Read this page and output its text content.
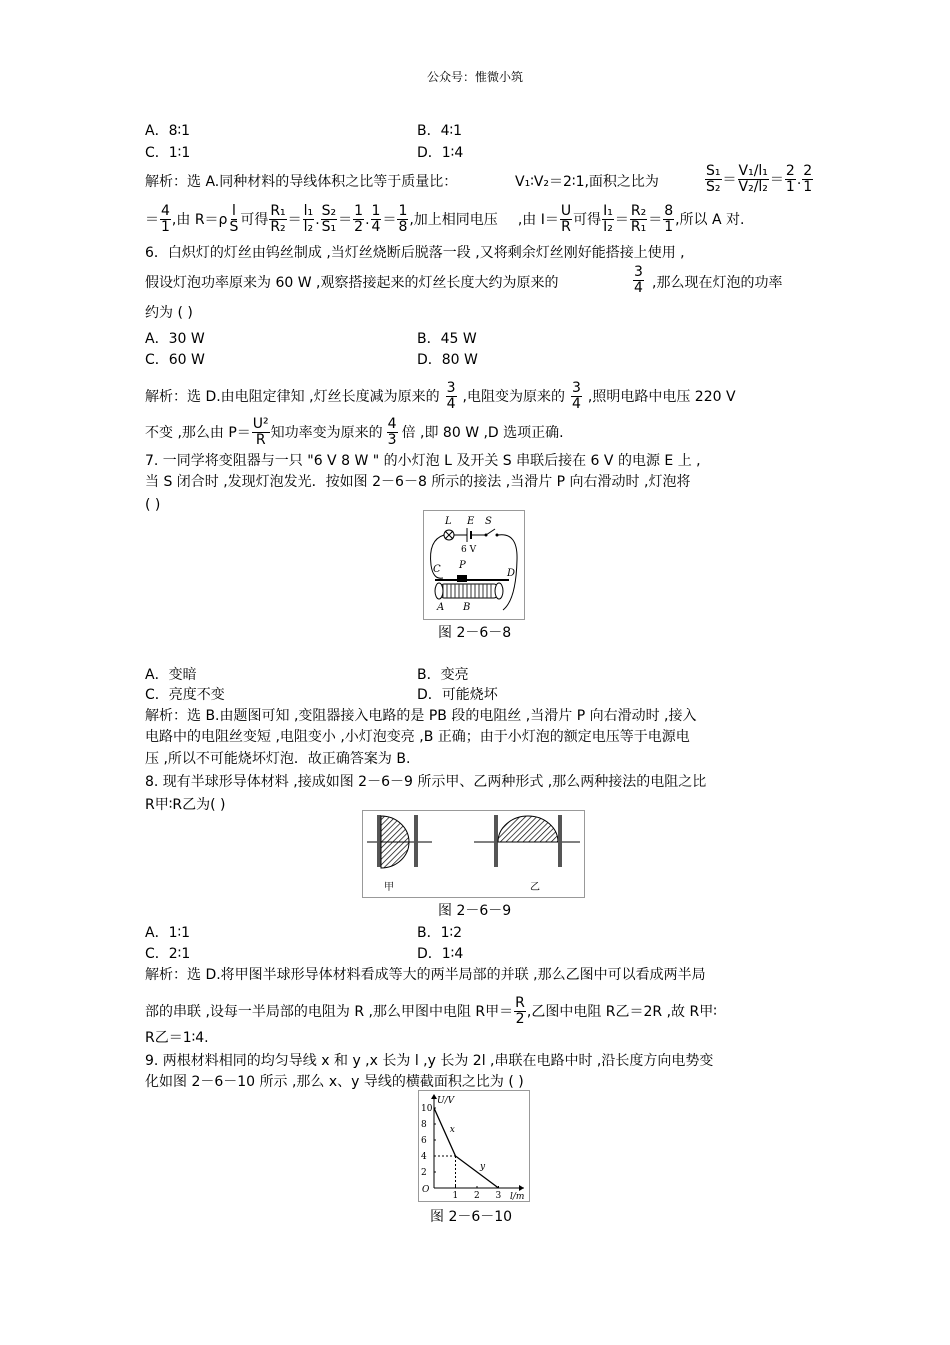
公众号：惟微小筑
A．8∶1	B．4∶1
C．1∶1	D．1∶4
解析：选 A.同种材料的导线体积之比等于质量比：	V₁∶V₂＝2∶1,面积之比为	$\frac{\text{S₁}}{\text{S₂}} = \frac{\text{V₁/l₁}}{\text{V₂/l₂}} = \frac{2}{1}$ . $\frac{2}{1}$
＝ $\frac{4}{1}$ ,由 $R=\rho \frac{l}{S}$ 可得 $\frac{\text{R₁}}{\text{R₂}} = \frac{\text{l₁}}{\text{l₂}}$ . $\frac{\text{S₂}}{\text{S₁}} = \frac{1}{2}$ . $\frac{1}{4} = \frac{1}{8}$ ,加上相同电压 ,由 $I= \frac{U}{R}$ 可得 $\frac{\text{I₁}}{\text{I₂}} = \frac{\text{R₂}}{\text{R₁}} = \frac{8}{1}$ ,所以 A 对.
6．白炽灯的灯丝由钨丝制成 ,当灯丝烧断后脱落一段 ,又将剩余灯丝刚好能搭接上使用 ,
假设灯泡功率原来为 60 W ,观察搭接起来的灯丝长度大约为原来的	$\frac{3}{4}$ ,那么现在灯泡的功率
约为 ( )
A．30 W	B．45 W
C．60 W	D．80 W
解析：选 D.由电阻定律知 ,灯丝长度减为原来的 $\frac{3}{4}$ ,电阻变为原来的 $\frac{3}{4}$ ,照明电路中电压 220 V
不变 ,那么由 $P= \frac{\text{U²}}{R}$ 知功率变为原来的 $\frac{4}{3}$ 倍 ,即 80 W ,D 选项正确.
7. 一同学将变阻器与一只 "6 V 8 W " 的小灯泡 L 及开关 S 串联后接在 6 V 的电源 E 上 ,
当 S 闭合时 ,发现灯泡发光．按如图 2－6－8 所示的接法 ,当滑片 P 向右滑动时 ,灯泡将
( )
L E S
6 V
C P
D
A B
图 2－6－8
A．变暗	B．变亮
C．亮度不变	D．可能烧坏
解析：选 B.由题图可知 ,变阻器接入电路的是 PB 段的电阻丝 ,当滑片 P 向右滑动时 ,接入
电路中的电阻丝变短 ,电阻变小 ,小灯泡变亮 ,B 正确；由于小灯泡的额定电压等于电源电
压 ,所以不可能烧坏灯泡．故正确答案为 B.
8. 现有半球形导体材料 ,接成如图 2－6－9 所示甲、乙两种形式 ,那么两种接法的电阻之比
R甲∶R乙为( )
甲	乙
图 2－6－9
A．1∶1	B．1∶2
C．2∶1	D．1∶4
解析：选 D.将甲图半球形导体材料看成等大的两半局部的并联 ,那么乙图中可以看成两半局
部的串联 ,设每一半局部的电阻为 R ,那么甲图中电阻 R甲＝ $\frac{R}{2}$ ,乙图中电阻 R乙＝2R ,故 R甲∶
R乙＝1∶4.
9. 两根材料相同的均匀导线 x 和 y ,x 长为 l ,y 长为 2l ,串联在电路中时 ,沿长度方向电势变
化如图 2－6－10 所示 ,那么 x、y 导线的横截面积之比为 ( )
U/V
l/m
O
2
4
6
8
10
1 2 3
x
y
图 2－6－10
